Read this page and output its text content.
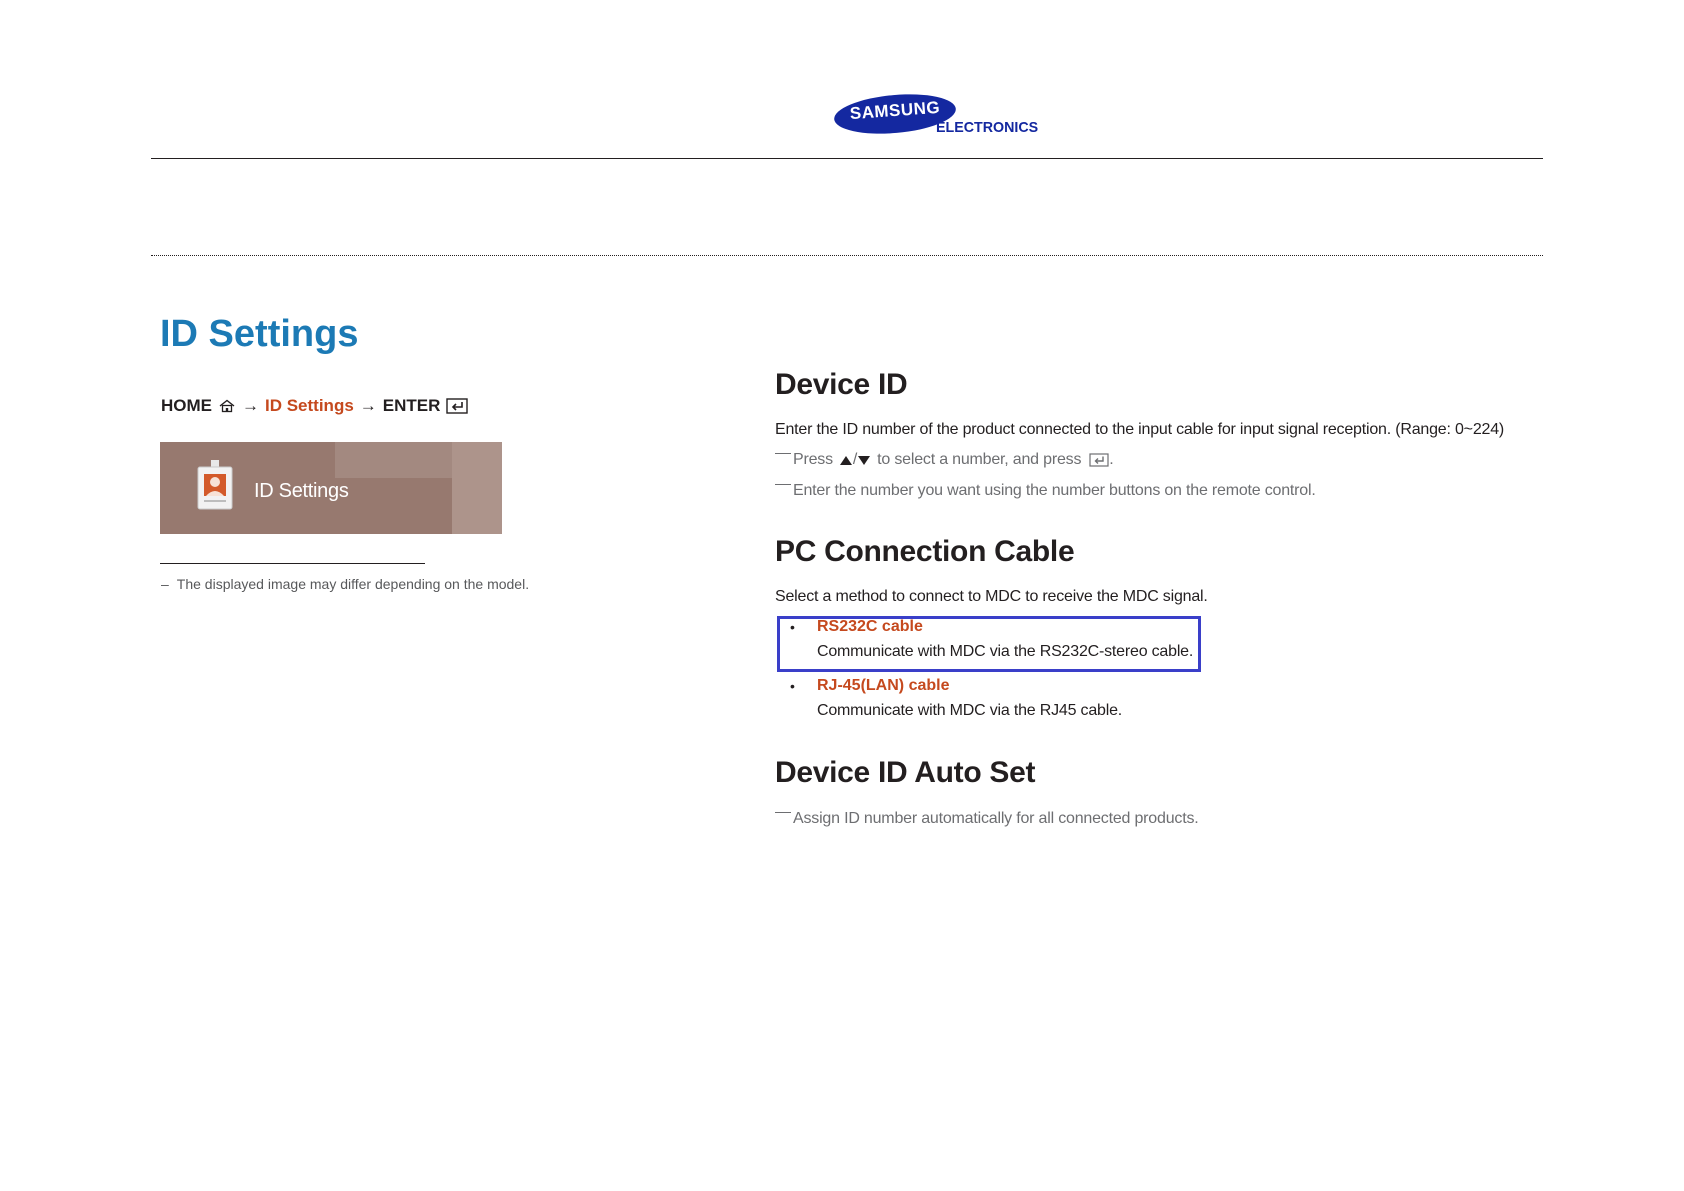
SAMSUNG
ELECTRONICS
ID Settings
HOME → ID Settings → ENTER
ID Settings
– The displayed image may differ depending on the model.
Device ID
Enter the ID number of the product connected to the input cable for input signal reception. (Range: 0~224)
Press / to select a number, and press .
Enter the number you want using the number buttons on the remote control.
PC Connection Cable
Select a method to connect to MDC to receive the MDC signal.
• RS232C cable
Communicate with MDC via the RS232C-stereo cable.
• RJ-45(LAN) cable
Communicate with MDC via the RJ45 cable.
Device ID Auto Set
Assign ID number automatically for all connected products.
